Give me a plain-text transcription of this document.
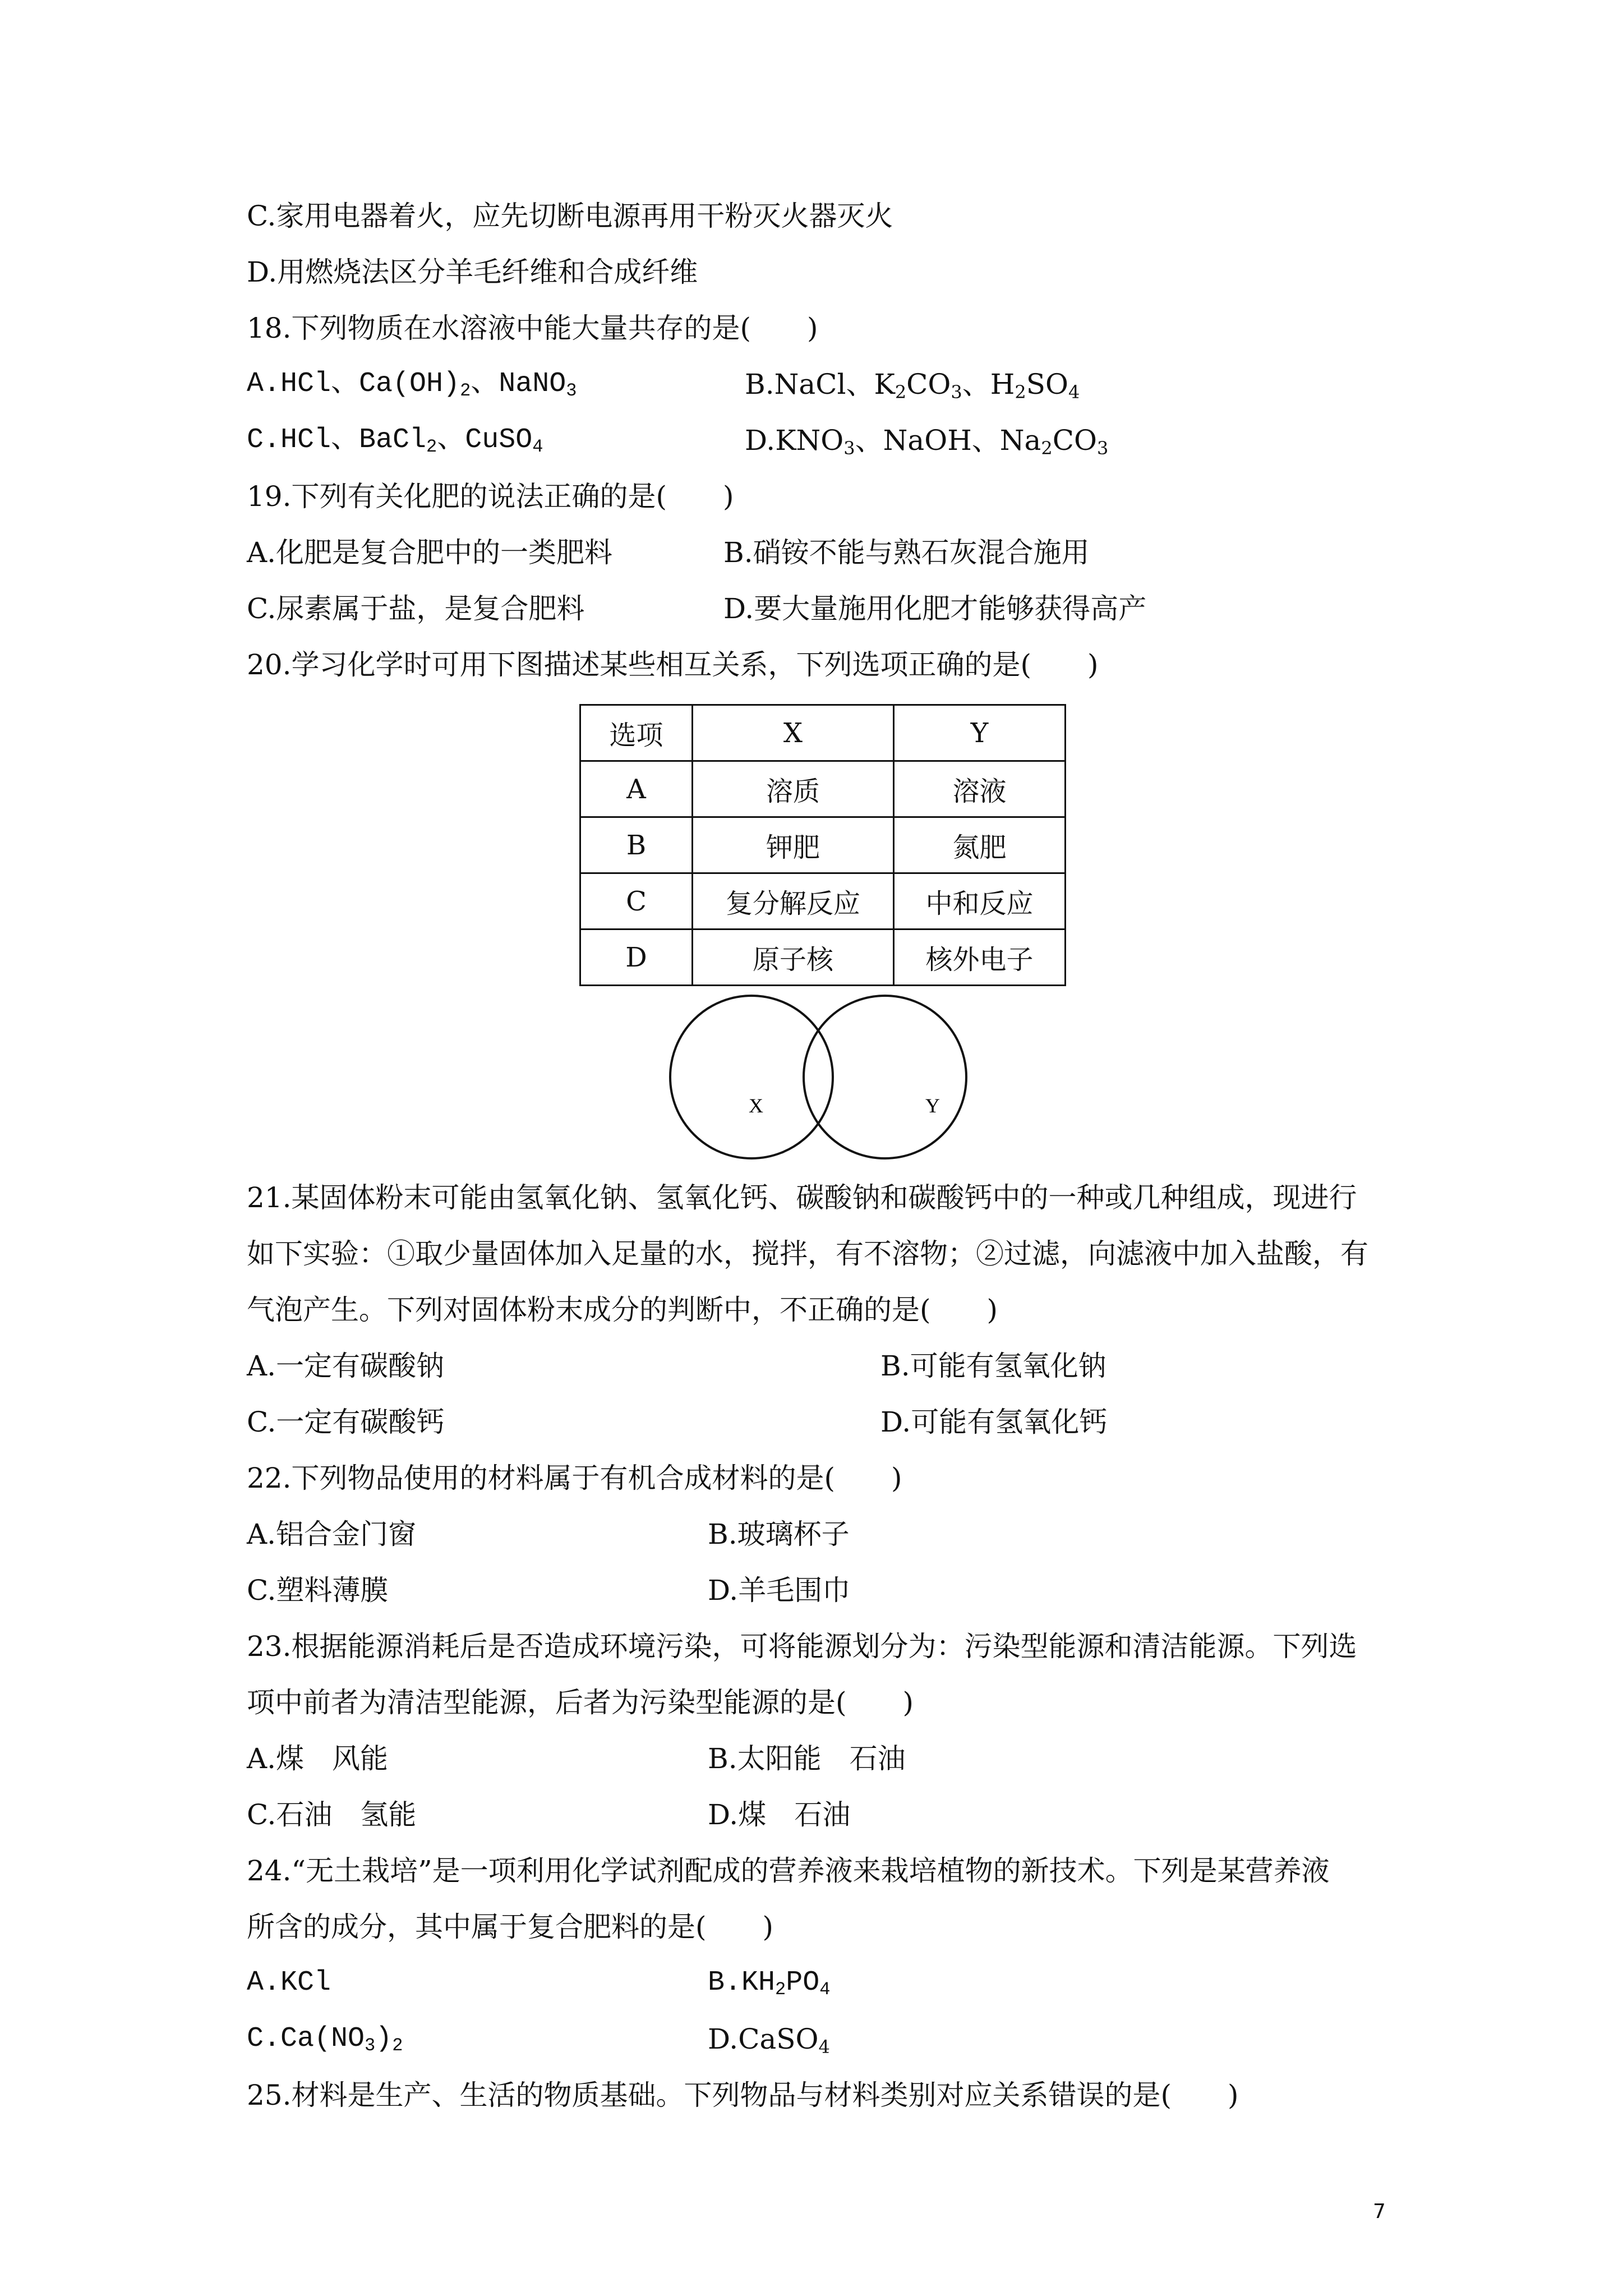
C.家用电器着火，应先切断电源再用干粉灭火器灭火
D.用燃烧法区分羊毛纤维和合成纤维
18.下列物质在水溶液中能大量共存的是(　　)
A.HCl、$Ca(OH)_2$、NaNO$_3$	B.NaCl、$K_2CO_3$、$H_2SO_4$
C.HCl、BaCl$_2$、CuSO$_4$	$D.KNO_3$、NaOH、$Na_2CO_3$
19.下列有关化肥的说法正确的是(　　)
A.化肥是复合肥中的一类肥料	B.硝铵不能与熟石灰混合施用
C.尿素属于盐，是复合肥料	D.要大量施用化肥才能够获得高产
20.学习化学时可用下图描述某些相互关系，下列选项正确的是(　　)
选项	X	Y
A	溶质	溶液
B	钾肥	氮肥
C	复分解反应	中和反应
D	原子核	核外电子
X	Y
21.某固体粉末可能由氢氧化钠、氢氧化钙、碳酸钠和碳酸钙中的一种或几种组成，现进行
如下实验：①取少量固体加入足量的水，搅拌，有不溶物；②过滤，向滤液中加入盐酸，有
气泡产生。下列对固体粉末成分的判断中，不正确的是(　　)
A.一定有碳酸钠	B.可能有氢氧化钠
C.一定有碳酸钙	D.可能有氢氧化钙
22.下列物品使用的材料属于有机合成材料的是(　　)
A.铝合金门窗	B.玻璃杯子
C.塑料薄膜	D.羊毛围巾
23.根据能源消耗后是否造成环境污染，可将能源划分为：污染型能源和清洁能源。下列选
项中前者为清洁型能源，后者为污染型能源的是(　　)
A.煤　风能	B.太阳能　石油
C.石油　氢能	D.煤　石油
24.“无土栽培”是一项利用化学试剂配成的营养液来栽培植物的新技术。下列是某营养液
所含的成分，其中属于复合肥料的是(　　)
A.KCl	$B.KH_2PO_4$
$C.Ca(NO_3)_2$	D.CaSO$_4$
25.材料是生产、生活的物质基础。下列物品与材料类别对应关系错误的是(　　)
7
